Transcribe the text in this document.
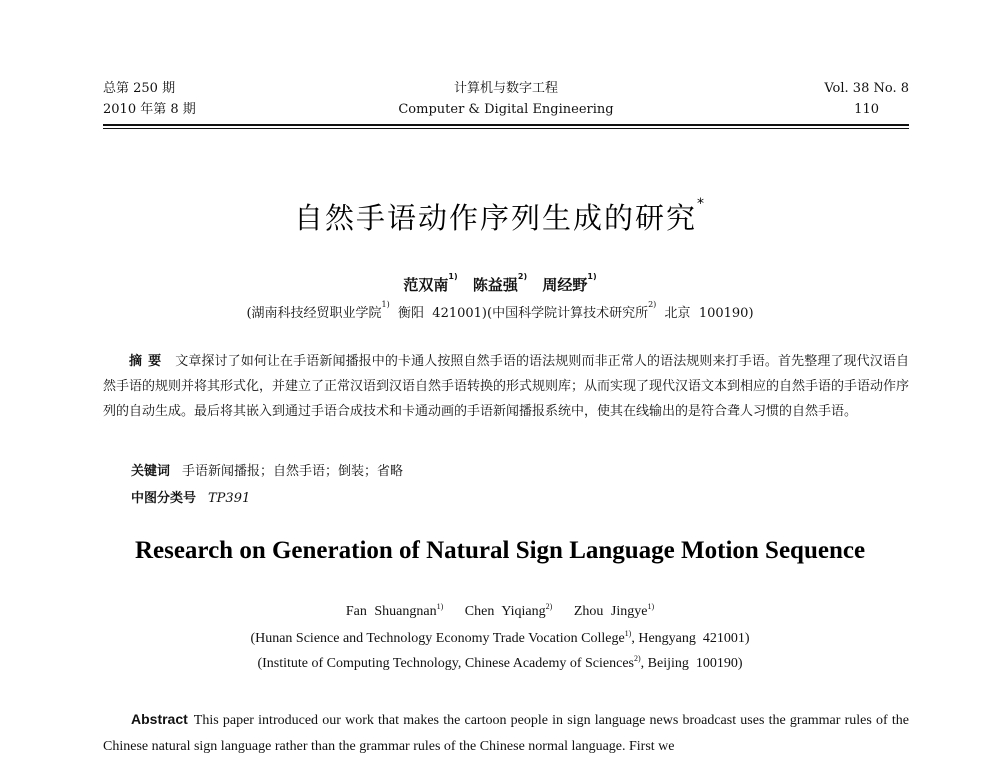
总第 250 期
2010 年第 8 期
计算机与数字工程
Computer & Digital Engineering
Vol. 38 No. 8
110
自然手语动作序列生成的研究*
范双南$^{1)}$ 陈益强$^{2)}$ 周经野$^{1)}$
(湖南科技经贸职业学院$^{1)}$  衡阳  421001)(中国科学院计算技术研究所$^{2)}$  北京  100190)
摘要 文章探讨了如何让在手语新闻播报中的卡通人按照自然手语的语法规则而非正常人的语法规则来打手语。首先整理了现代汉语自然手语的规则并将其形式化，并建立了正常汉语到汉语自然手语转换的形式规则库；从而实现了现代汉语文本到相应的自然手语的手语动作序列的自动生成。最后将其嵌入到通过手语合成技术和卡通动画的手语新闻播报系统中，使其在线输出的是符合聋人习惯的自然手语。
关键词 手语新闻播报；自然手语；倒装；省略
中图分类号 TP391
Research on Generation of Natural Sign Language Motion Sequence
Fan Shuangnan$^{1)}$ Chen Yiqiang$^{2)}$ Zhou Jingye$^{1)}$
(Hunan Science and Technology Economy Trade Vocation College$^{1)}$, Hengyang  421001)
(Institute of Computing Technology, Chinese Academy of Sciences$^{2)}$, Beijing  100190)
Abstract This paper introduced our work that makes the cartoon people in sign language news broadcast uses the grammar rules of the Chinese natural sign language rather than the grammar rules of the Chinese normal language. First we
